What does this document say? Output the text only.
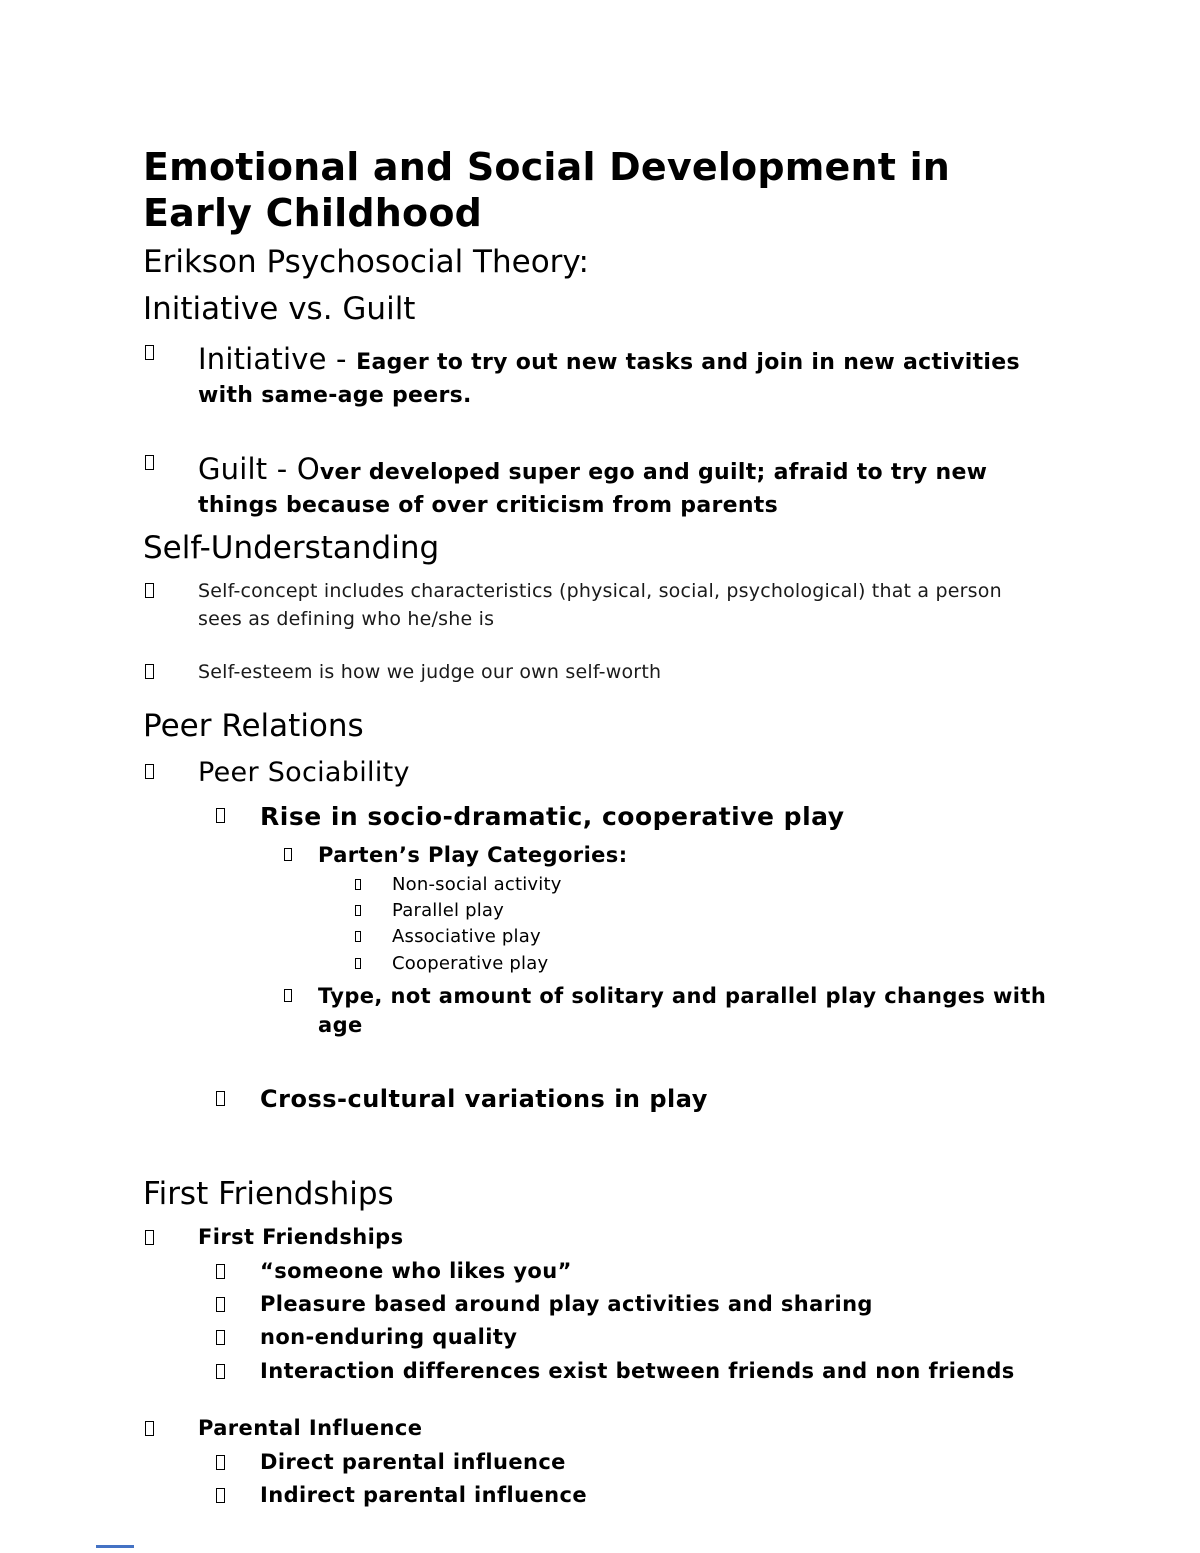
Emotional and Social Development in
Early Childhood
Erikson Psychosocial Theory:
Initiative vs. Guilt
Initiative - Eager to try out new tasks and join in new activities with same-age peers.
Guilt - Over developed super ego and guilt; afraid to try new things because of over criticism from parents
Self-Understanding
Self-concept includes characteristics (physical, social, psychological) that a person sees as defining who he/she is
Self-esteem is how we judge our own self-worth
Peer Relations
Peer Sociability
Rise in socio-dramatic, cooperative play
Parten’s Play Categories:
Non-social activity
Parallel play
Associative play
Cooperative play
Type, not amount of solitary and parallel play changes with age
Cross-cultural variations in play
First Friendships
First Friendships
“someone who likes you”
Pleasure based around play activities and sharing
non-enduring quality
Interaction differences exist between friends and non friends
Parental Influence
Direct parental influence
Indirect parental influence
